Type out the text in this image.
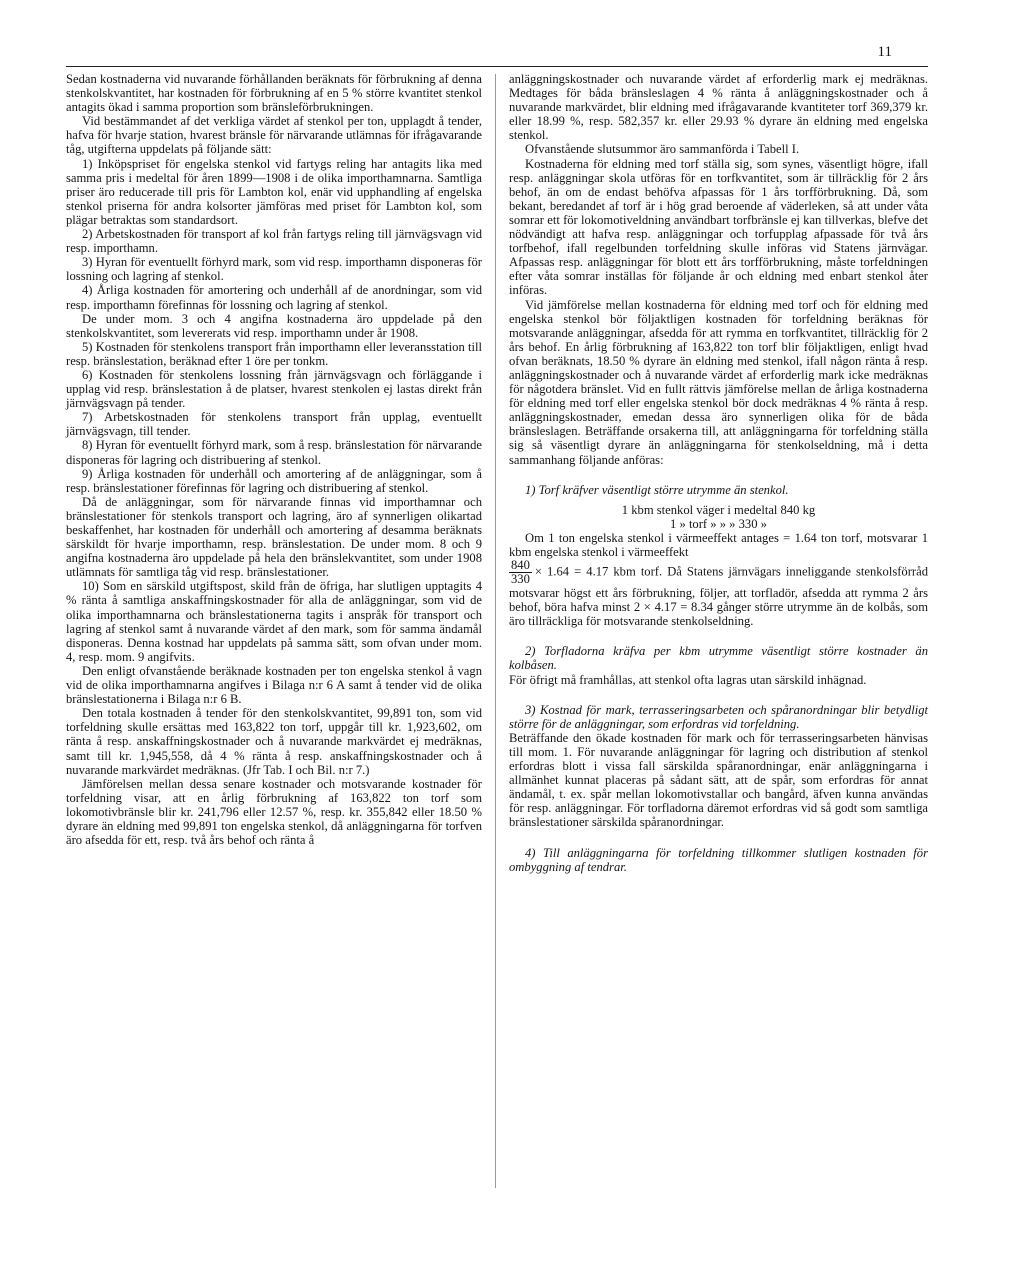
11

Sedan kostnaderna vid nuvarande förhållanden beräknats för förbrukning af denna stenkolskvantitet, har kostnaden för förbrukning af en 5 % större kvantitet stenkol antagits ökad i samma proportion som bränsleförbrukningen.

Vid bestämmandet af det verkliga värdet af stenkol per ton, upplagdt å tender, hafva för hvarje station, hvarest bränsle för närvarande utlämnas för ifrågavarande tåg, utgifterna uppdelats på följande sätt:

1) Inköpspriset för engelska stenkol vid fartygs reling har antagits lika med samma pris i medeltal för åren 1899—1908 i de olika importhamnarna. Samtliga priser äro reducerade till pris för Lambton kol, enär vid upphandling af engelska stenkol priserna för andra kolsorter jämföras med priset för Lambton kol, som plägar betraktas som standardsort.

2) Arbetskostnaden för transport af kol från fartygs reling till järnvägsvagn vid resp. importhamn.

3) Hyran för eventuellt förhyrd mark, som vid resp. importhamn disponeras för lossning och lagring af stenkol.

4) Årliga kostnaden för amortering och underhåll af de anordningar, som vid resp. importhamn förefinnas för lossning och lagring af stenkol.

De under mom. 3 och 4 angifna kostnaderna äro uppdelade på den stenkolskvantitet, som levererats vid resp. importhamn under år 1908.

5) Kostnaden för stenkolens transport från importhamn eller leveransstation till resp. bränslestation, beräknad efter 1 öre per tonkm.

6) Kostnaden för stenkolens lossning från järnvägsvagn och förläggande i upplag vid resp. bränslestation å de platser, hvarest stenkolen ej lastas direkt från järnvägsvagn på tender.

7) Arbetskostnaden för stenkolens transport från upplag, eventuellt järnvägsvagn, till tender.

8) Hyran för eventuellt förhyrd mark, som å resp. bränslestation för närvarande disponeras för lagring och distribuering af stenkol.

9) Årliga kostnaden för underhåll och amortering af de anläggningar, som å resp. bränslestationer förefinnas för lagring och distribuering af stenkol.

Då de anläggningar, som för närvarande finnas vid importhamnar och bränslestationer för stenkols transport och lagring, äro af synnerligen olikartad beskaffenhet, har kostnaden för underhåll och amortering af desamma beräknats särskildt för hvarje importhamn, resp. bränslestation. De under mom. 8 och 9 angifna kostnaderna äro uppdelade på hela den bränslekvantitet, som under 1908 utlämnats för samtliga tåg vid resp. bränslestationer.

10) Som en särskild utgiftspost, skild från de öfriga, har slutligen upptagits 4 % ränta å samtliga anskaffningskostnader för alla de anläggningar, som vid de olika importhamnarna och bränslestationerna tagits i anspråk för transport och lagring af stenkol samt å nuvarande värdet af den mark, som för samma ändamål disponeras. Denna kostnad har uppdelats på samma sätt, som ofvan under mom. 4, resp. mom. 9 angifvits.

Den enligt ofvanstående beräknade kostnaden per ton engelska stenkol å vagn vid de olika importhamnarna angifves i Bilaga n:r 6 A samt å tender vid de olika bränslestationerna i Bilaga n:r 6 B.

Den totala kostnaden å tender för den stenkolskvantitet, 99,891 ton, som vid torfeldning skulle ersättas med 163,822 ton torf, uppgår till kr. 1,923,602, om ränta å resp. anskaffningskostnader och å nuvarande markvärdet ej medräknas, samt till kr. 1,945,558, då 4 % ränta å resp. anskaffningskostnader och å nuvarande markvärdet medräknas. (Jfr Tab. I och Bil. n:r 7.)

Jämförelsen mellan dessa senare kostnader och motsvarande kostnader för torfeldning visar, att en årlig förbrukning af 163,822 ton torf som lokomotivbränsle blir kr. 241,796 eller 12.57 %, resp. kr. 355,842 eller 18.50 % dyrare än eldning med 99,891 ton engelska stenkol, då anläggningarna för torfven äro afsedda för ett, resp. två års behof och ränta å

anläggningskostnader och nuvarande värdet af erforderlig mark ej medräknas. Medtages för båda bränsleslagen 4 % ränta å anläggningskostnader och å nuvarande markvärdet, blir eldning med ifrågavarande kvantiteter torf 369,379 kr. eller 18.99 %, resp. 582,357 kr. eller 29.93 % dyrare än eldning med engelska stenkol.

Ofvanstående slutsummor äro sammanförda i Tabell I.

Kostnaderna för eldning med torf ställa sig, som synes, väsentligt högre, ifall resp. anläggningar skola utföras för en torfkvantitet, som är tillräcklig för 2 års behof, än om de endast behöfva afpassas för 1 års torfförbrukning. Då, som bekant, beredandet af torf är i hög grad beroende af väderleken, så att under våta somrar ett för lokomotiveldning användbart torfbränsle ej kan tillverkas, blefve det nödvändigt att hafva resp. anläggningar och torfupplag afpassade för två års torfbehof, ifall regelbunden torfeldning skulle införas vid Statens järnvägar. Afpassas resp. anläggningar för blott ett års torfförbrukning, måste torfeldningen efter våta somrar inställas för följande år och eldning med enbart stenkol åter införas.

Vid jämförelse mellan kostnaderna för eldning med torf och för eldning med engelska stenkol bör följaktligen kostnaden för torfeldning beräknas för motsvarande anläggningar, afsedda för att rymma en torfkvantitet, tillräcklig för 2 års behof. En årlig förbrukning af 163,822 ton torf blir följaktligen, enligt hvad ofvan beräknats, 18.50 % dyrare än eldning med stenkol, ifall någon ränta å resp. anläggningskostnader och å nuvarande värdet af erforderlig mark icke medräknas för någotdera bränslet. Vid en fullt rättvis jämförelse mellan de årliga kostnaderna för eldning med torf eller engelska stenkol bör dock medräknas 4 % ränta å resp. anläggningskostnader, emedan dessa äro synnerligen olika för de båda bränsleslagen. Beträffande orsakerna till, att anläggningarna för torfeldning ställa sig så väsentligt dyrare än anläggningarna för stenkolseldning, må i detta sammanhang följande anföras:

1) Torf kräfver väsentligt större utrymme än stenkol.

1 kbm stenkol väger i medeltal 840 kg

1 » torf » » » 330 »

Om 1 ton engelska stenkol i värmeeffekt antages = 1.64 ton torf, motsvarar 1 kbm engelska stenkol i värmeeffekt

$\frac{840}{330} \times 1.64 = 4.17$ kbm torf. Då Statens järnvägars inneliggande stenkolsförråd motsvarar högst ett års förbrukning, följer, att torfladör, afsedda att rymma 2 års behof, böra hafva minst 2 × 4.17 = 8.34 gånger större utrymme än de kolbås, som äro tillräckliga för motsvarande stenkolseldning.

2) Torfladorna kräfva per kbm utrymme väsentligt större kostnader än kolbåsen.

För öfrigt må framhållas, att stenkol ofta lagras utan särskild inhägnad.

3) Kostnad för mark, terrasseringsarbeten och spåranordningar blir betydligt större för de anläggningar, som erfordras vid torfeldning.

Beträffande den ökade kostnaden för mark och för terrasseringsarbeten hänvisas till mom. 1. För nuvarande anläggningar för lagring och distribution af stenkol erfordras blott i vissa fall särskilda spåranordningar, enär anläggningarna i allmänhet kunnat placeras på sådant sätt, att de spår, som erfordras för annat ändamål, t. ex. spår mellan lokomotivstallar och bangård, äfven kunna användas för resp. anläggningar. För torfladorna däremot erfordras vid så godt som samtliga bränslestationer särskilda spåranordningar.

4) Till anläggningarna för torfeldning tillkommer slutligen kostnaden för ombyggning af tendrar.
